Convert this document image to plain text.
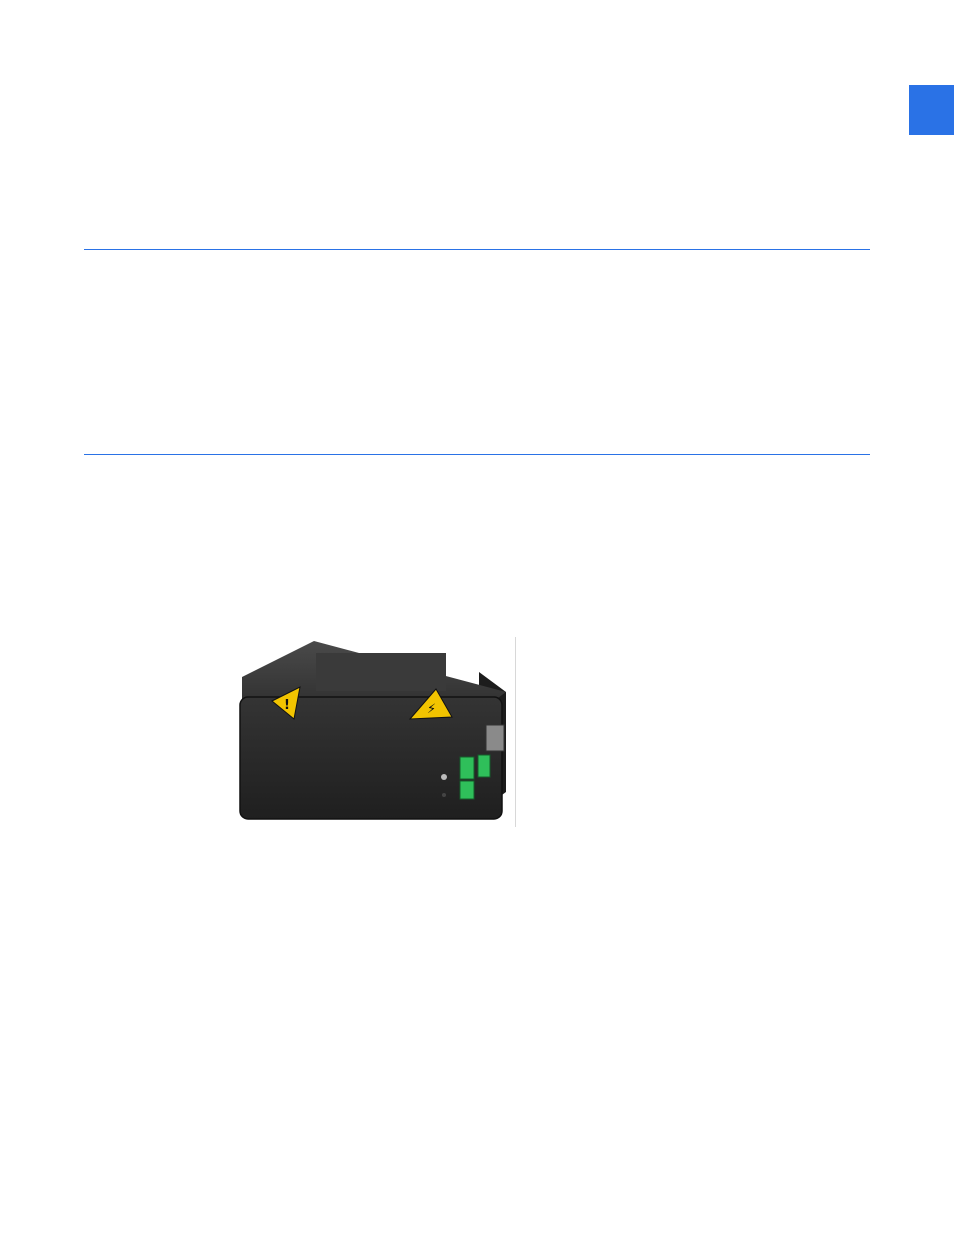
!	⚡
